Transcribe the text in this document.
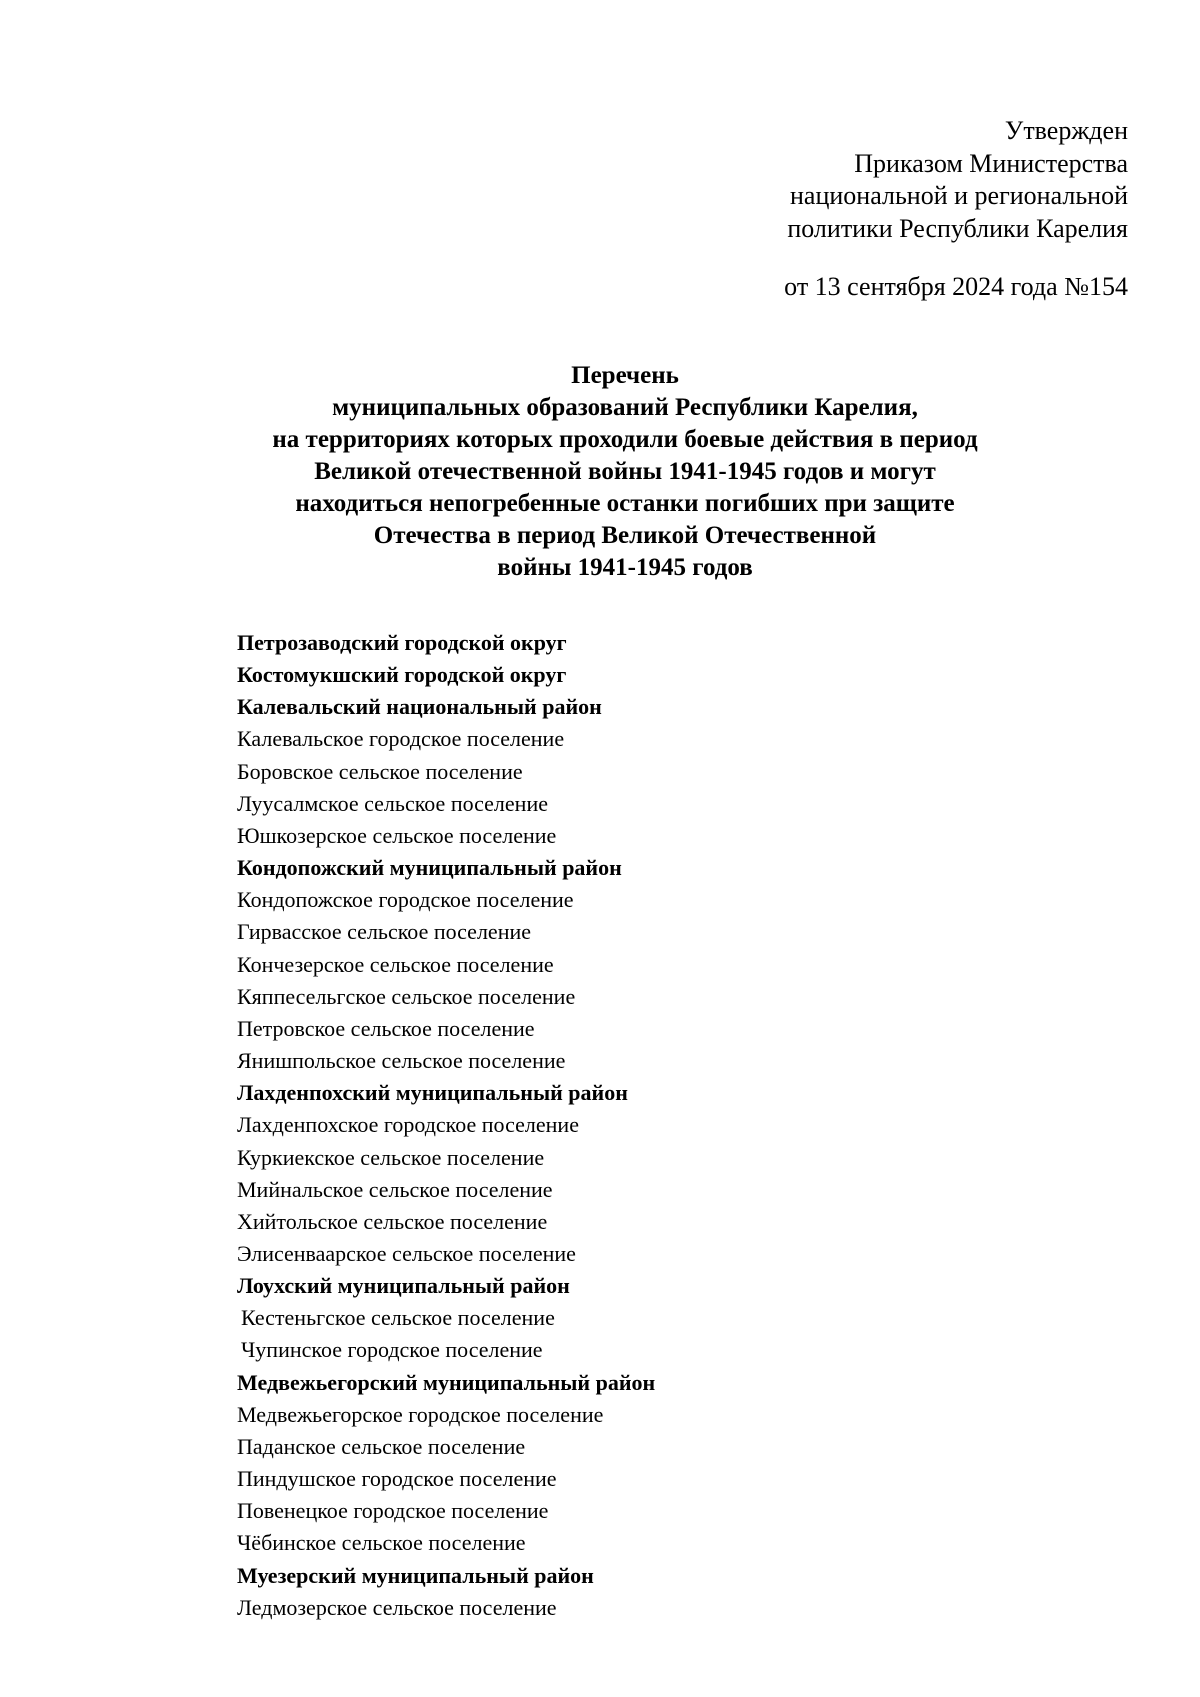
Утвержден
Приказом Министерства
национальной и региональной
политики Республики Карелия
от 13 сентября 2024 года №154
Перечень
муниципальных образований Республики Карелия,
на территориях которых проходили боевые действия в период
Великой отечественной войны 1941-1945 годов и могут
находиться непогребенные останки погибших при защите
Отечества в период Великой Отечественной
войны 1941-1945 годов
Петрозаводский городской округ
Костомукшский городской округ
Калевальский национальный район
Калевальское городское поселение
Боровское сельское поселение
Луусалмское сельское поселение
Юшкозерское сельское поселение
Кондопожский муниципальный район
Кондопожское городское поселение
Гирвасское сельское поселение
Кончезерское сельское поселение
Кяппесельгское сельское поселение
Петровское сельское поселение
Янишпольское сельское поселение
Лахденпохский муниципальный район
Лахденпохское городское поселение
Куркиекское сельское поселение
Мийнальское сельское поселение
Хийтольское сельское поселение
Элисенваарское сельское поселение
Лоухский муниципальный район
Кестеньгское сельское поселение
Чупинское городское поселение
Медвежьегорский муниципальный район
Медвежьегорское городское поселение
Паданское сельское поселение
Пиндушское городское поселение
Повенецкое городское поселение
Чёбинское сельское поселение
Муезерский муниципальный район
Ледмозерское сельское поселение
